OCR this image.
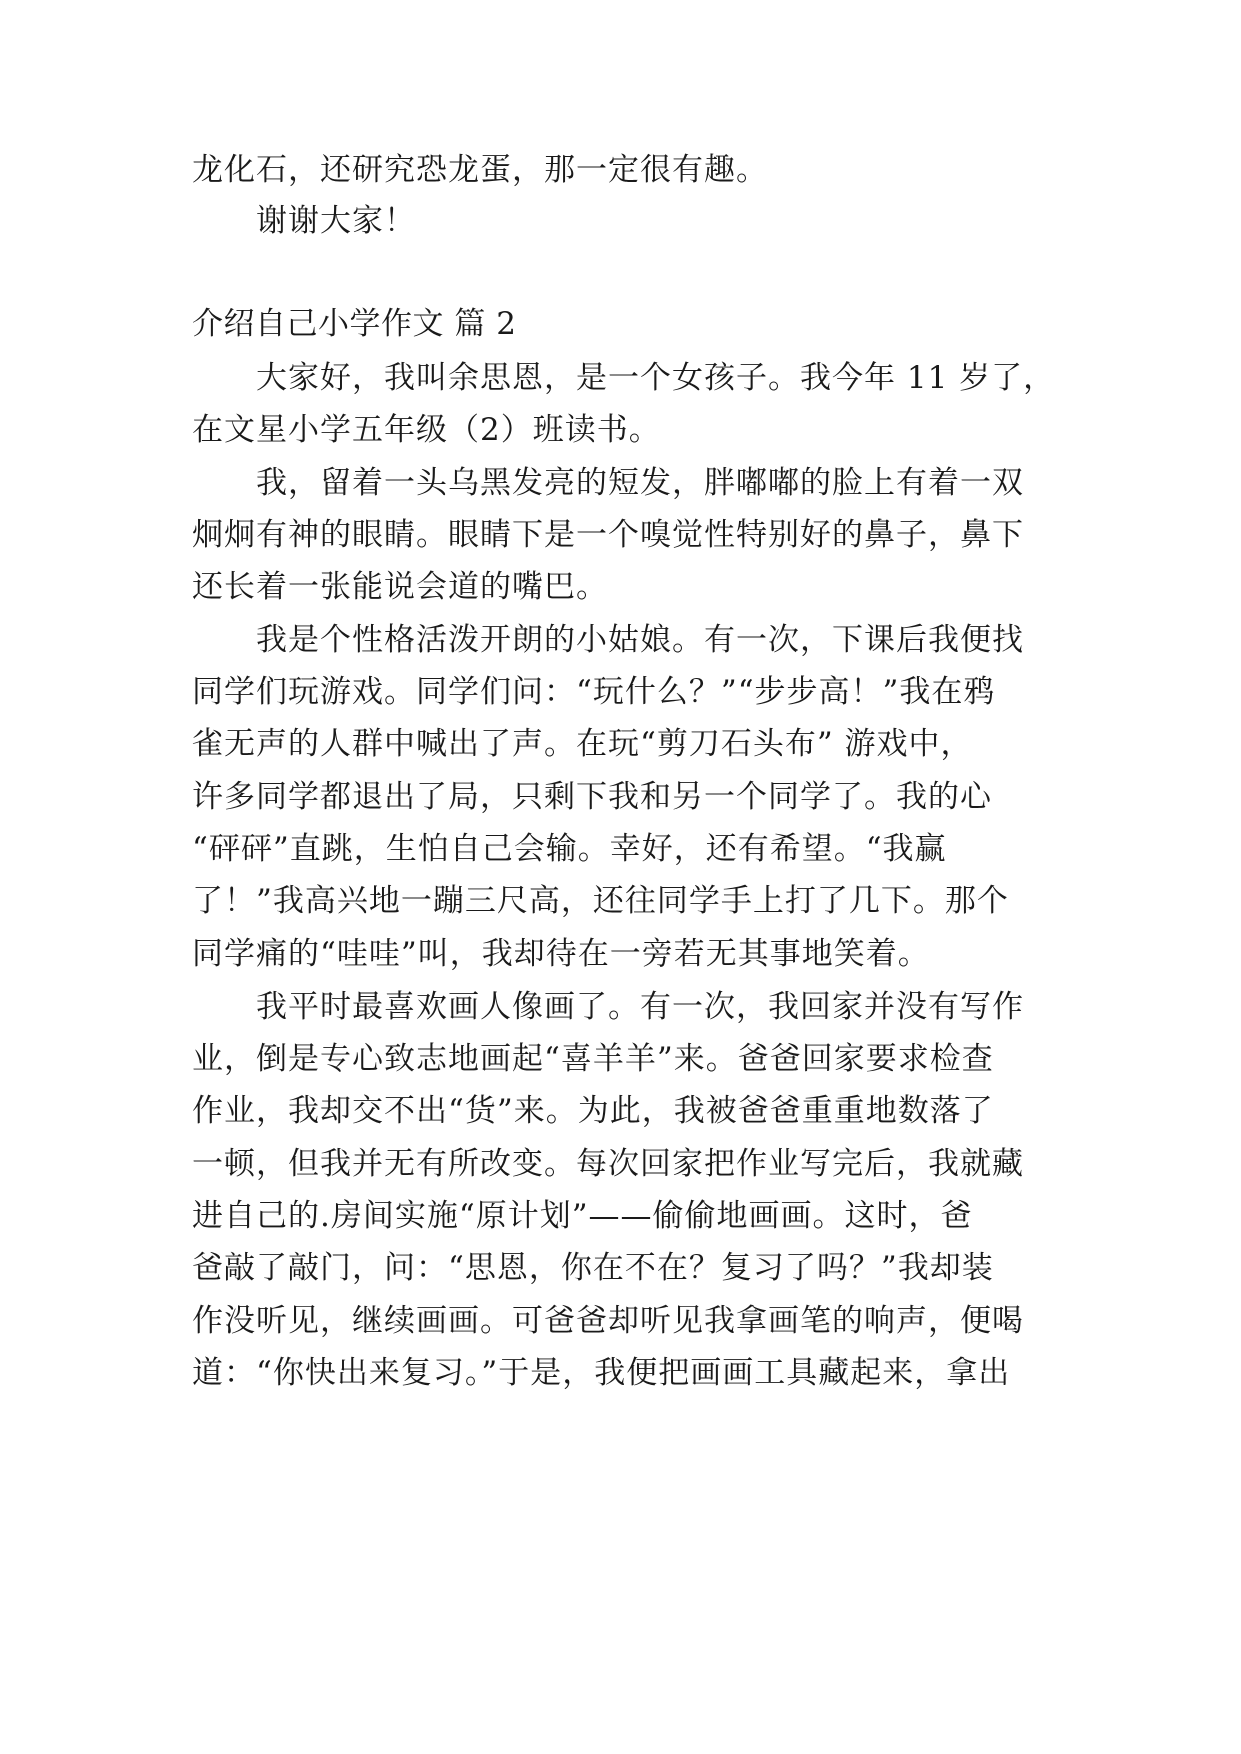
龙化石，还研究恐龙蛋，那一定很有趣。
谢谢大家！
介绍自己小学作文 篇 2
大家好，我叫余思恩，是一个女孩子。我今年 11 岁了，
在文星小学五年级（2）班读书。
我，留着一头乌黑发亮的短发，胖嘟嘟的脸上有着一双
炯炯有神的眼睛。眼睛下是一个嗅觉性特别好的鼻子，鼻下
还长着一张能说会道的嘴巴。
我是个性格活泼开朗的小姑娘。有一次，下课后我便找
同学们玩游戏。同学们问：“玩什么？”“步步高！”我在鸦
雀无声的人群中喊出了声。在玩“剪刀石头布” 游戏中，
许多同学都退出了局，只剩下我和另一个同学了。我的心
“砰砰”直跳，生怕自己会输。幸好，还有希望。“我赢
了！”我高兴地一蹦三尺高，还往同学手上打了几下。那个
同学痛的“哇哇”叫，我却待在一旁若无其事地笑着。
我平时最喜欢画人像画了。有一次，我回家并没有写作
业，倒是专心致志地画起“喜羊羊”来。爸爸回家要求检查
作业，我却交不出“货”来。为此，我被爸爸重重地数落了
一顿，但我并无有所改变。每次回家把作业写完后，我就藏
进自己的.房间实施“原计划”——偷偷地画画。这时，爸
爸敲了敲门，问：“思恩，你在不在？复习了吗？”我却装
作没听见，继续画画。可爸爸却听见我拿画笔的响声，便喝
道：“你快出来复习。”于是，我便把画画工具藏起来，拿出
